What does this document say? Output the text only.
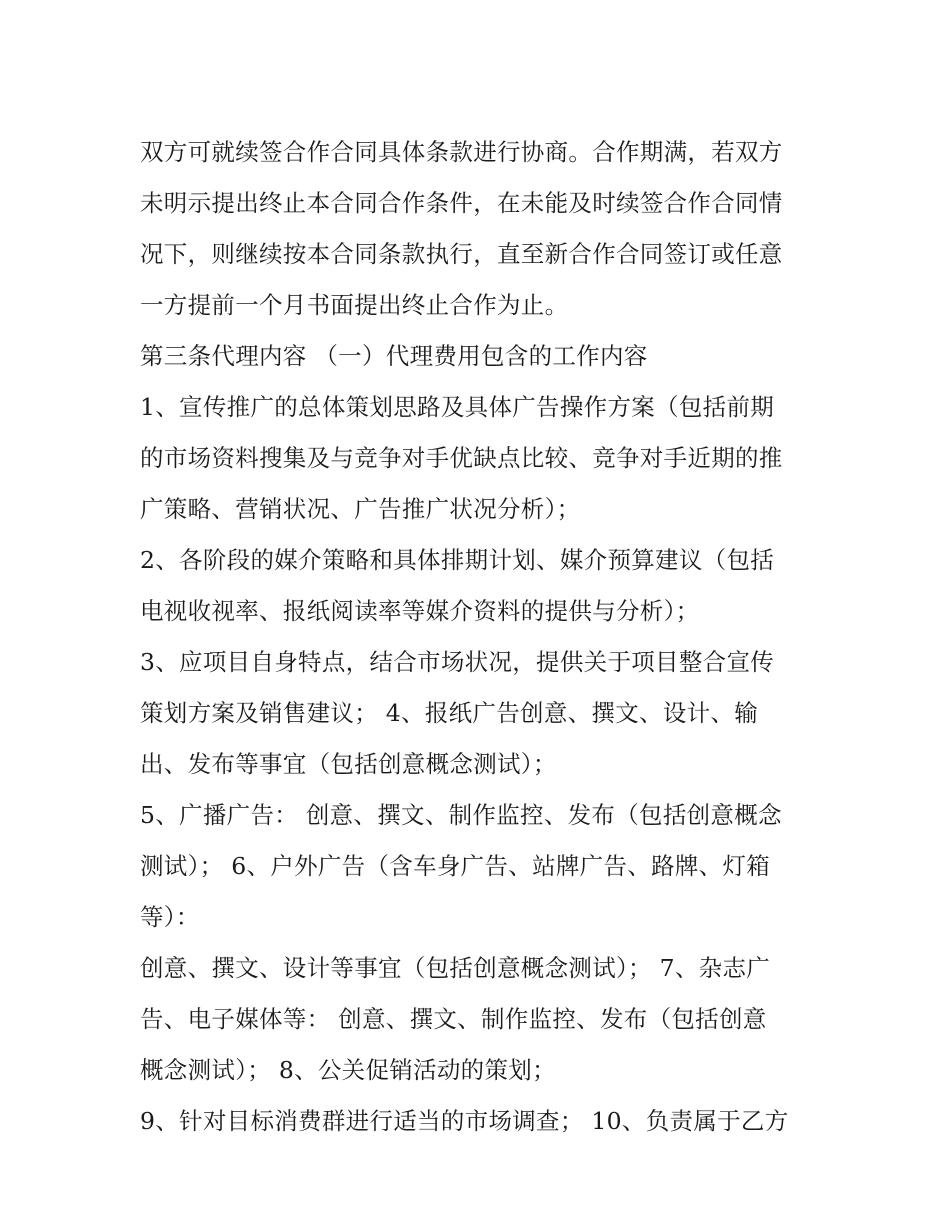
双方可就续签合作合同具体条款进行协商。合作期满，若双方
未明示提出终止本合同合作条件，在未能及时续签合作合同情
况下，则继续按本合同条款执行，直至新合作合同签订或任意
一方提前一个月书面提出终止合作为止。
第三条代理内容 （一）代理费用包含的工作内容
1、宣传推广的总体策划思路及具体广告操作方案（包括前期
的市场资料搜集及与竞争对手优缺点比较、竞争对手近期的推
广策略、营销状况、广告推广状况分析）；
2、各阶段的媒介策略和具体排期计划、媒介预算建议（包括
电视收视率、报纸阅读率等媒介资料的提供与分析）；
3、应项目自身特点，结合市场状况，提供关于项目整合宣传
策划方案及销售建议； 4、报纸广告创意、撰文、设计、输
出、发布等事宜（包括创意概念测试）；
5、广播广告： 创意、撰文、制作监控、发布（包括创意概念
测试）； 6、户外广告（含车身广告、站牌广告、路牌、灯箱
等）：
创意、撰文、设计等事宜（包括创意概念测试）； 7、杂志广
告、电子媒体等： 创意、撰文、制作监控、发布（包括创意
概念测试）； 8、公关促销活动的策划；
9、针对目标消费群进行适当的市场调查； 10、负责属于乙方
